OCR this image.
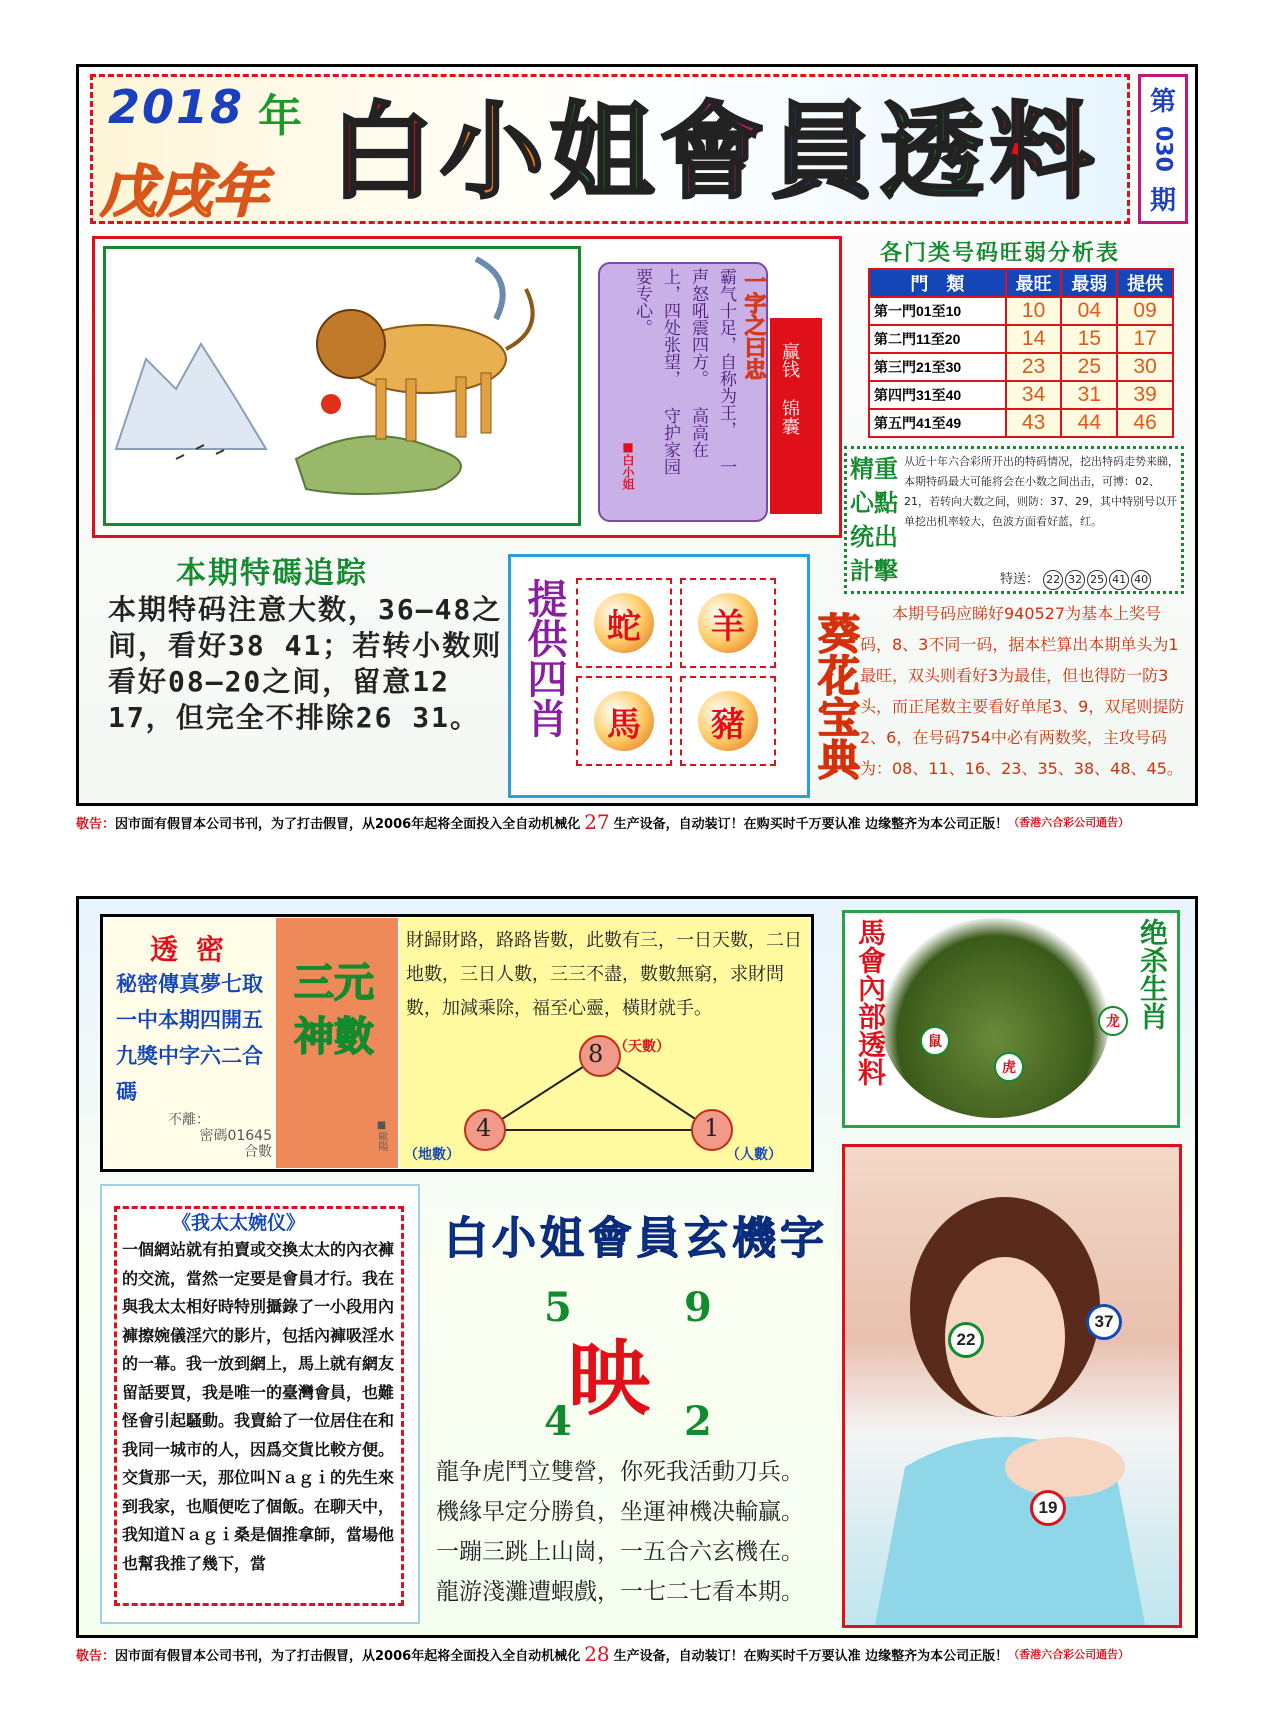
2018 年
戊戌年 白 小 姐 會 員 透 料 第
030
期
一字之曰忠
霸气十足，自称为王， 一声怒吼震四方。 高高在上，四处张望， 守护家园要专心。
■白小姐
赢钱 锦囊
各门类号码旺弱分析表
門　類	最旺	最弱	提供
第一門01至10	10	04	09
第二門11至20	14	15	17
第三門21至30	23	25	30
第四門31至40	34	31	39
第五門41至49	43	44	46
精重
心點
统出
計擊
从近十年六合彩所开出的特码情况，挖出特码走势来睇，本期特码最大可能将会在小数之间出击，可博：02、21，若转向大数之间，则防：37、29，其中特别号以开单挖出机率较大，色波方面看好蓝，红。
特送： 22 32 25 41 40
本期特碼追踪
本期特码注意大数，36—48之间，看好38 41；若转小数则看好08—20之间，留意12 17，但完全不排除26 31。	提供四肖	蛇	羊
馬	豬	葵花宝典	本期号码应睇好940527为基本上奖号码，8、3不同一码，据本栏算出本期单头为1最旺，双头则看好3为最佳，但也得防一防3头，而正尾数主要看好单尾3、9，双尾则提防2、6，在号码754中必有两数奖，主攻号码为：08、11、16、23、35、38、48、45。
敬告： 因市面有假冒本公司书刊，为了打击假冒，从2006年起将全面投入全自动机械化 27 生产设备，自动装订！在购买时千万要认准 边缘整齐为本公司正版！ （香港六合彩公司通告）
透密
秘密傳真夢七取一中本期四開五九獎中字六二合碼
不離：
密碼01645
合數
三元
神數
■歐陽
財歸財路，路路皆數，此數有三，一日天數，二日地數，三日人數，三三不盡，數數無窮，求財問數，加減乘除，福至心靈，橫財就手。
8 （天數）
4
（地數）
1
（人數）
馬會內部透料	绝杀生肖
鼠
虎
龙
《我太太婉仪》
一個網站就有拍賣或交換太太的內衣褲的交流，當然一定要是會員才行。我在與我太太相好時特別攝錄了一小段用內褲擦婉儀淫穴的影片，包括內褲吸淫水的一幕。我一放到網上，馬上就有網友留話要買，我是唯一的臺灣會員，也難怪會引起騷動。我賣給了一位居住在和我同一城市的人，因爲交貨比較方便。交貨那一天，那位叫Ｎａｇｉ的先生來到我家，也順便吃了個飯。在聊天中，我知道Ｎａｇｉ桑是個推拿師，當場他也幫我推了幾下，當
白小姐會員玄機字
5	9
4	2
映
龍争虎鬥立雙營，你死我活動刀兵。
機緣早定分勝負，坐運神機决輸贏。
一蹦三跳上山崗，一五合六玄機在。
龍游淺灘遭蝦戲，一七二七看本期。
22
37
19
敬告： 因市面有假冒本公司书刊，为了打击假冒，从2006年起将全面投入全自动机械化 28 生产设备，自动装订！在购买时千万要认准 边缘整齐为本公司正版！ （香港六合彩公司通告）
